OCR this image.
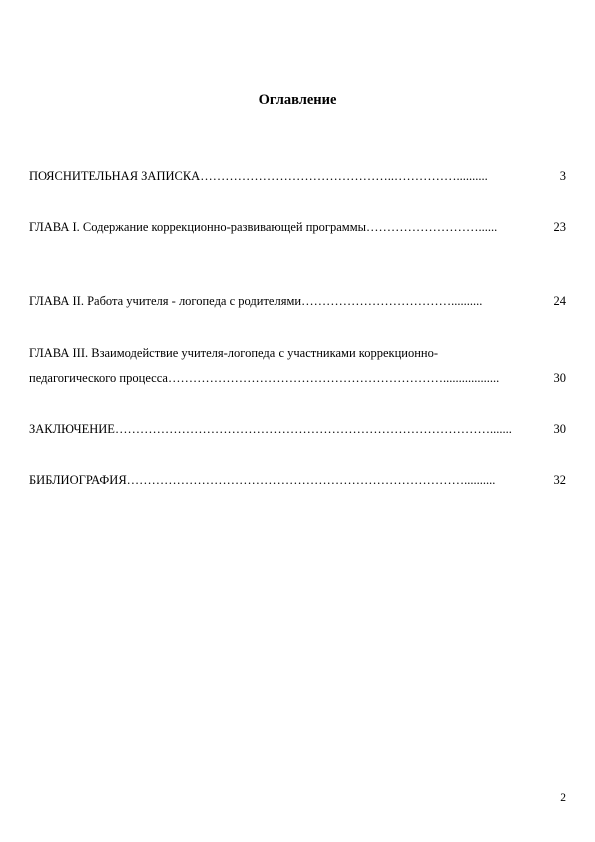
Оглавление
ПОЯСНИТЕЛЬНАЯ ЗАПИСКА………………………………………..……………..........	3
ГЛАВА I. Содержание коррекционно-развивающей программы………………………......	23
ГЛАВА II. Работа учителя - логопеда с родителями………………………………..........	24
ГЛАВА III. Взаимодействие учителя-логопеда с участниками коррекционно-
педагогического процесса…………………………………………………………..................	30
ЗАКЛЮЧЕНИЕ……………………………………………………………………………….......	30
БИБЛИОГРАФИЯ………………………………………………………………………..........	32
2
